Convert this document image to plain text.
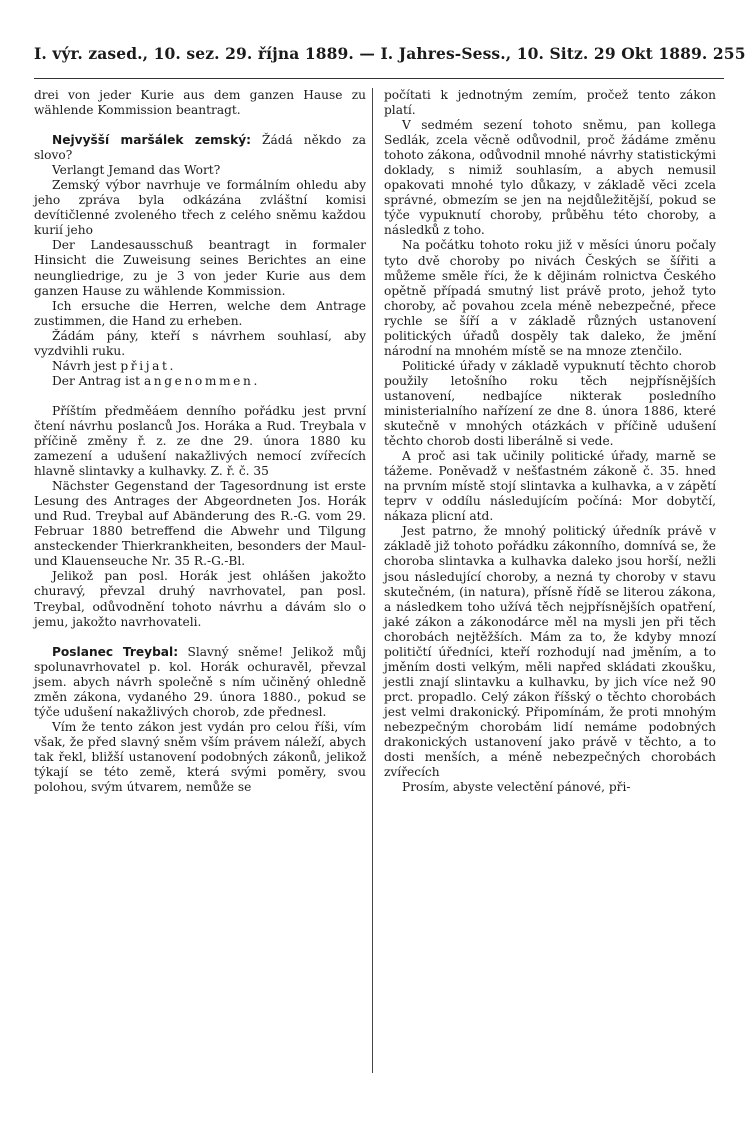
I. výr. zased., 10. sez. 29. října 1889. — I. Jahres-Sess., 10. Sitz. 29 Okt 1889. 255

drei von jeder Kurie aus dem ganzen Hause zu wählende Kommission beantragt.

Nejvyšší maršálek zemský: Žádá někdo za slovo?

Verlangt Jemand das Wort?

Zemský výbor navrhuje ve formálním ohledu aby jeho zpráva byla odkázána zvláštní komisi devítičlenné zvoleného třech z celého sněmu každou kurií jeho

Der Landesausschuß beantragt in formaler Hinsicht die Zuweisung seines Berichtes an eine neungliedrige, zu je 3 von jeder Kurie aus dem ganzen Hause zu wählende Kommission.

Ich ersuche die Herren, welche dem Antrage zustimmen, die Hand zu erheben.

Žádám pány, kteří s návrhem souhlasí, aby vyzdvihli ruku.

Návrh jest přijat.

Der Antrag ist angenommen.

Příštím předměáem denního pořádku jest první čtení návrhu poslanců Jos. Horáka a Rud. Treybala v příčině změny ř. z. ze dne 29. února 1880 ku zamezení a udušení nakažlivých nemocí zvířecích hlavně slintavky a kulhavky. Z. ř. č. 35

Nächster Gegenstand der Tagesordnung ist erste Lesung des Antrages der Abgeordneten Jos. Horák und Rud. Treybal auf Abänderung des R.-G. vom 29. Februar 1880 betreffend die Abwehr und Tilgung ansteckender Thierkrankheiten, besonders der Maul- und Klauenseuche Nr. 35 R.-G.-Bl.

Jelikož pan posl. Horák jest ohlášen jakožto churavý, převzal druhý navrhovatel, pan posl. Treybal, odůvodnění tohoto návrhu a dávám slo o jemu, jakožto navrhovateli.

Poslanec Treybal: Slavný sněme! Jelikož můj spolunavrhovatel p. kol. Horák ochuravěl, převzal jsem. abych návrh společně s ním učiněný ohledně změn zákona, vydaného 29. února 1880., pokud se týče udušení nakažlivých chorob, zde přednesl.

Vím že tento zákon jest vydán pro celou říši, vím však, že před slavný sněm vším právem náleží, abych tak řekl, bližší ustanovení podobných zákonů, jelikož týkají se této země, která svými poměry, svou polohou, svým útvarem, nemůže se

počítati k jednotným zemím, pročež tento zákon platí.

V sedmém sezení tohoto sněmu, pan kollega Sedlák, zcela věcně odůvodnil, proč žádáme změnu tohoto zákona, odůvodnil mnohé návrhy statistickými doklady, s nimiž souhlasím, a abych nemusil opakovati mnohé tylo důkazy, v základě věci zcela správné, obmezím se jen na nejdůležitější, pokud se týče vypuknutí choroby, průběhu této choroby, a následků z toho.

Na počátku tohoto roku již v měsíci únoru počaly tyto dvě choroby po nivách Českých se šířiti a můžeme směle říci, že k dějinám rolnictva Českého opětně případá smutný list právě proto, jehož tyto choroby, ač povahou zcela méně nebezpečné, přece rychle se šíří a v základě různých ustanovení politických úřadů dospěly tak daleko, že jmění národní na mnohém místě se na mnoze ztenčilo.

Politické úřady v základě vypuknutí těchto chorob použily letošního roku těch nejpřísnějších ustanovení, nedbajíce nikterak posledního ministerialního nařízení ze dne 8. února 1886, které skutečně v mnohých otázkách v příčině udušení těchto chorob dosti liberálně si vede.

A proč asi tak učinily politické úřady, marně se tážeme. Poněvadž v nešťastném zákoně č. 35. hned na prvním místě stojí slintavka a kulhavka, a v zápětí teprv v oddílu následujícím počíná: Mor dobytčí, nákaza plicní atd.

Jest patrno, že mnohý politický úředník právě v základě již tohoto pořádku zákonního, domnívá se, že choroba slintavka a kulhavka daleko jsou horší, nežli jsou následující choroby, a nezná ty choroby v stavu skutečném, (in natura), přísně řídě se literou zákona, a následkem toho užívá těch nejpřísnějších opatření, jaké zákon a zákonodárce měl na mysli jen při těch chorobách nejtěžších. Mám za to, že kdyby mnozí političtí úředníci, kteří rozhodují nad jměním, a to jměním dosti velkým, měli napřed skládati zkoušku, jestli znají slintavku a kulhavku, by jich více než 90 prct. propadlo. Celý zákon říšský o těchto chorobách jest velmi drakonický. Připomínám, že proti mnohým nebezpečným chorobám lidí nemáme podobných drakonických ustanovení jako právě v těchto, a to dosti menších, a méně nebezpečných chorobách zvířecích

Prosím, abyste velectění pánové, při-
